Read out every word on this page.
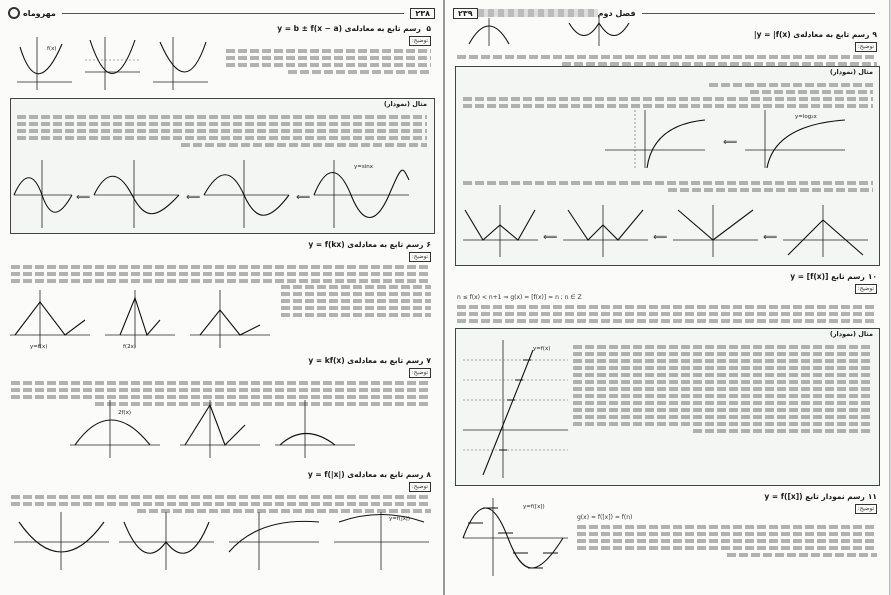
مهروماه	۲۳۸
۵ رسم تابع به معادله‌ی y = b ± f(x − a)
توضیح:
f(x)
مثال (نمودار)
y=sinx
⟸
⟸
⟸
۶رسم تابع به معادله‌ی y = f(kx)
توضیح:
y=f(x)	f(2x)
۷رسم تابع به معادله‌ی y = kf(x)
توضیح:
2f(x)
۸رسم تابع به معادله‌ی y = f(|x|)
توضیح:
y=f(|x|)
۲۳۹	فصل دوم
۹رسم تابع به معادله‌ی y = |f(x)|
توضیح:
مثال (نمودار)
y=log₂x
⟸
⟸
⟸
⟸
۱۰رسم تابع y = [f(x)]
توضیح:
n ≤ f(x) < n+1 ⇒ g(x) = [f(x)] = n ; n ∈ Z
مثال (نمودار)
y=f(x)
۱۱رسم نمودار تابع y = f([x])
توضیح:
g(x) = f([x]) = f(n)
y=f([x])
